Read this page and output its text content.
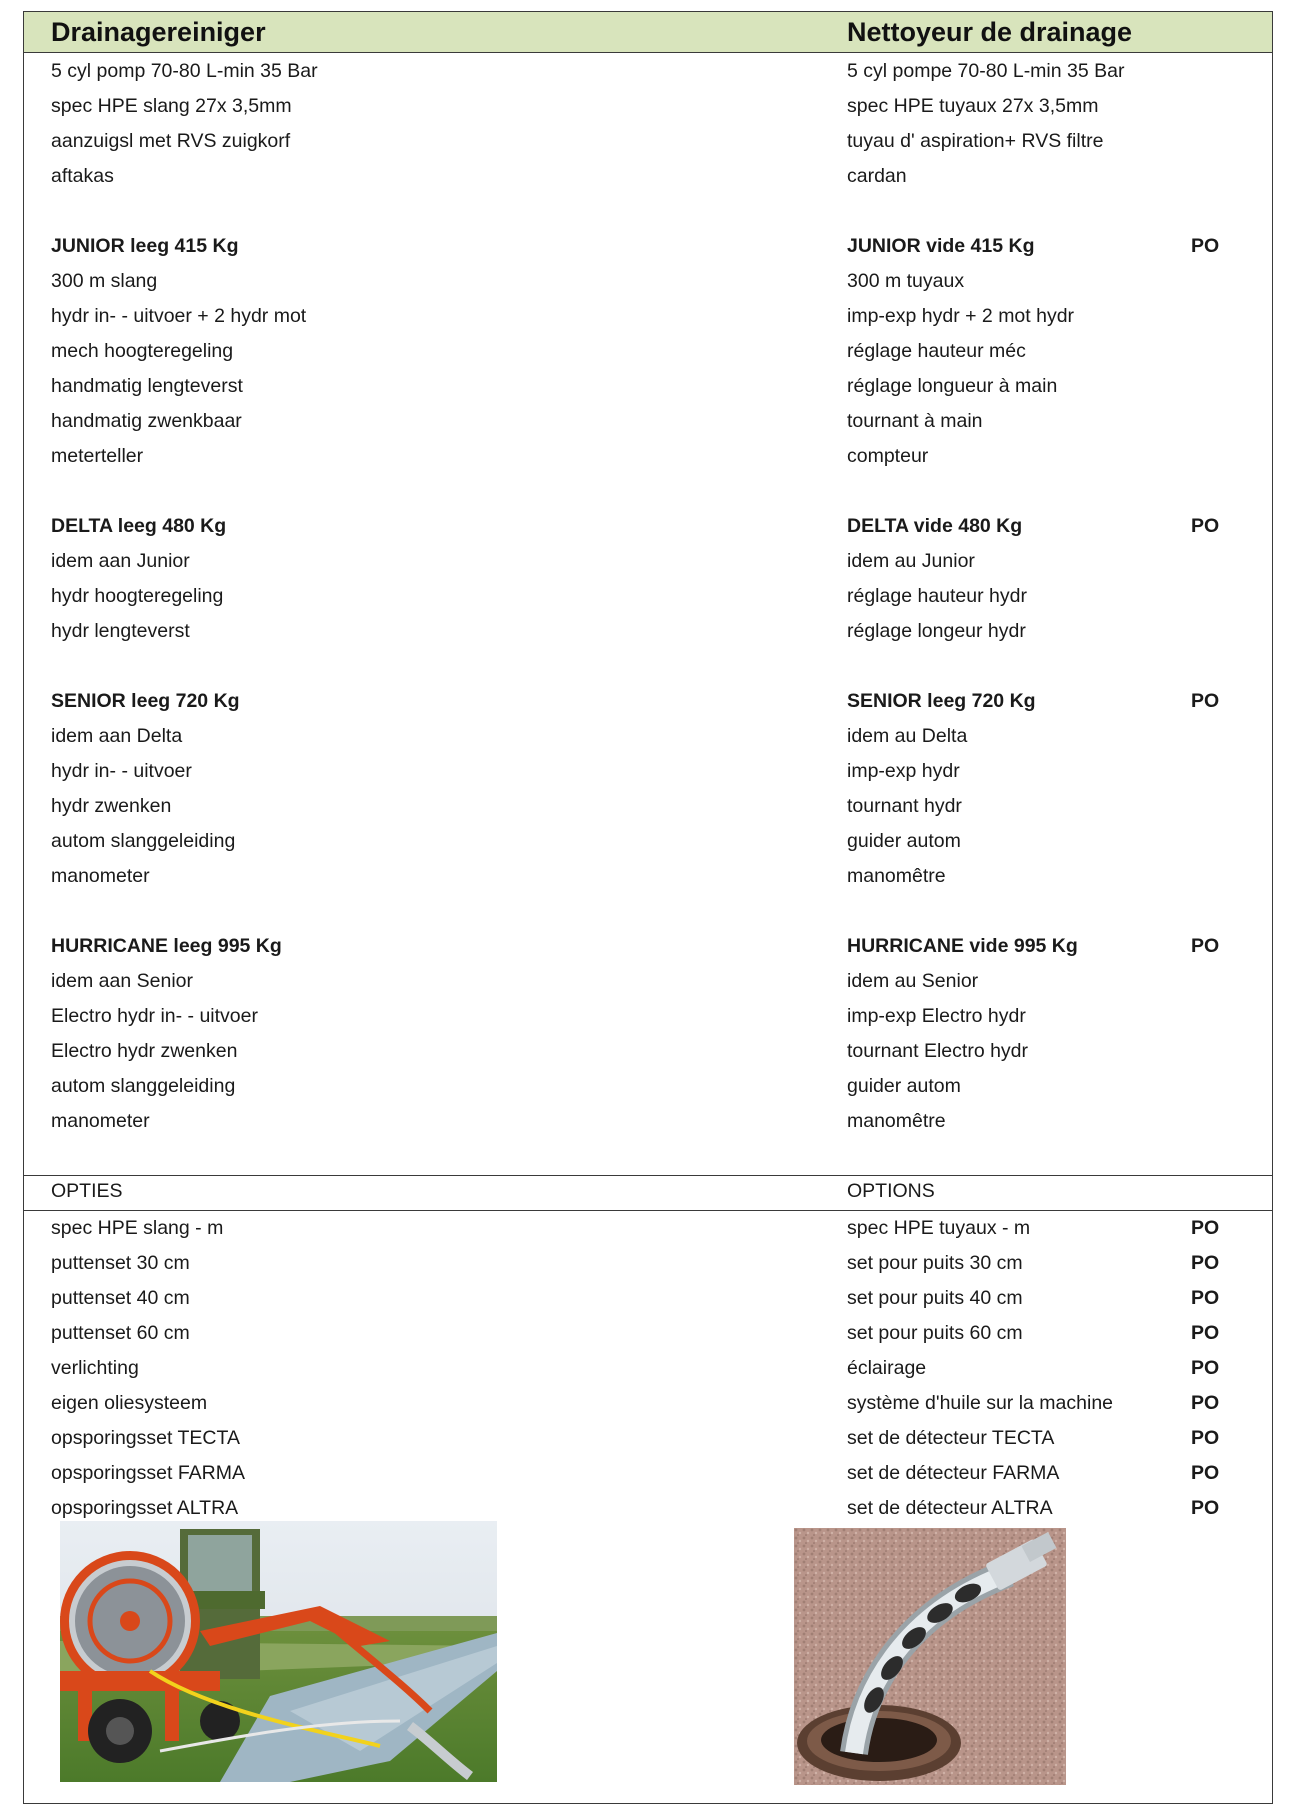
Drainagereiniger	Nettoyeur de drainage
5 cyl pomp 70-80 L-min 35 Bar	5 cyl pompe 70-80 L-min 35 Bar
spec HPE slang 27x 3,5mm	spec HPE tuyaux 27x 3,5mm
aanzuigsl met RVS zuigkorf	tuyau d' aspiration+ RVS filtre
aftakas	cardan
JUNIOR leeg 415 Kg	JUNIOR vide 415 Kg	PO
300 m slang	300 m tuyaux
hydr in- - uitvoer + 2 hydr mot	imp-exp hydr + 2 mot hydr
mech hoogteregeling	réglage hauteur méc
handmatig lengteverst	réglage longueur à main
handmatig zwenkbaar	tournant à main
meterteller	compteur
DELTA leeg 480 Kg	DELTA vide 480 Kg	PO
idem aan Junior	idem au Junior
hydr hoogteregeling	réglage hauteur hydr
hydr lengteverst	réglage longeur hydr
SENIOR leeg 720 Kg	SENIOR leeg 720 Kg	PO
idem aan Delta	idem au Delta
hydr in- - uitvoer	imp-exp hydr
hydr zwenken	tournant hydr
autom slanggeleiding	guider autom
manometer	manomêtre
HURRICANE leeg 995 Kg	HURRICANE vide 995 Kg	PO
idem aan Senior	idem au Senior
Electro hydr in- - uitvoer	imp-exp Electro hydr
Electro hydr zwenken	tournant Electro hydr
autom slanggeleiding	guider autom
manometer	manomêtre
OPTIES	OPTIONS
spec HPE slang - m	spec HPE tuyaux - m	PO
puttenset 30 cm	set pour puits 30 cm	PO
puttenset 40 cm	set pour puits 40 cm	PO
puttenset 60 cm	set pour puits 60 cm	PO
verlichting	éclairage	PO
eigen oliesysteem	système d'huile sur la machine	PO
opsporingsset TECTA	set de détecteur TECTA	PO
opsporingsset FARMA	set de détecteur FARMA	PO
opsporingsset ALTRA	set de détecteur ALTRA	PO
